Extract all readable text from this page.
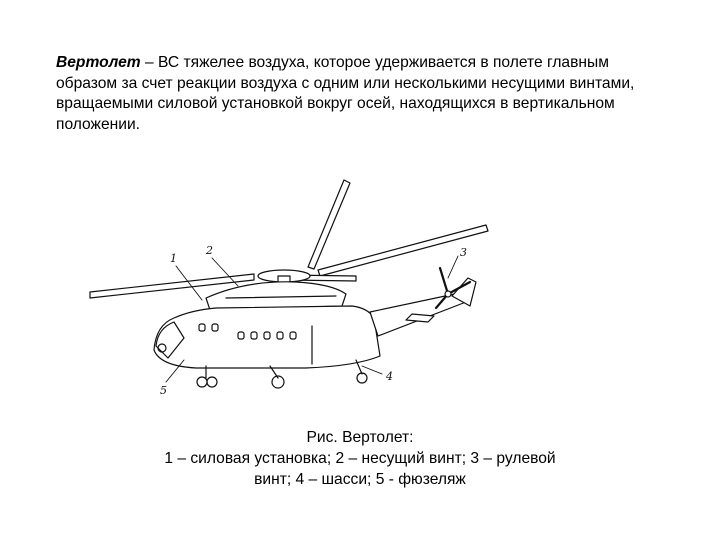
Вертолет – ВС тяжелее воздуха, которое удерживается в полете главным образом за счет реакции воздуха с одним или несколькими несущими винтами, вращаемыми силовой установкой вокруг осей, находящихся в вертикальном положении.

1
2	3
4
5
Рис. Вертолет:
1 – силовая установка; 2 – несущий винт; 3 – рулевой
винт; 4 – шасси; 5 - фюзеляж
